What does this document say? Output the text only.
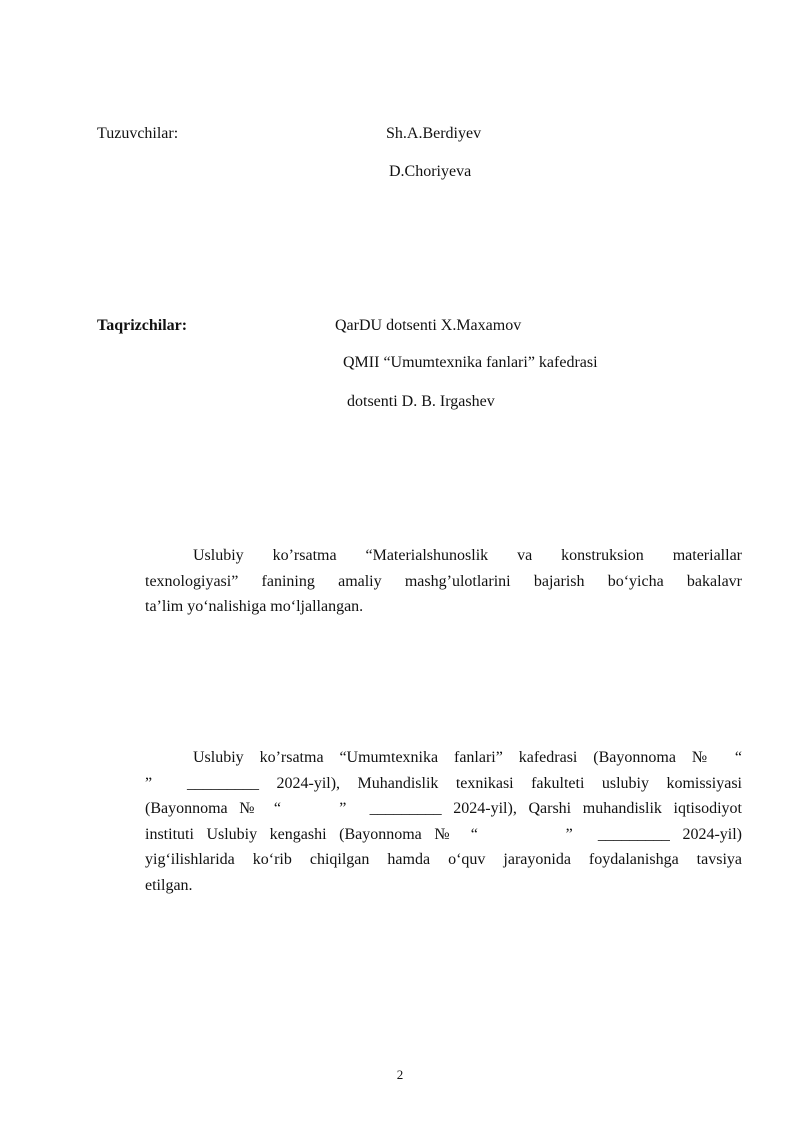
Tuzuvchilar:	Sh.A.Berdiyev
D.Choriyeva
Taqrizchilar:	QarDU dotsenti X.Maxamov
QMII “Umumtexnika fanlari” kafedrasi
dotsenti D. B. Irgashev
Uslubiy ko’rsatma “Materialshunoslik va konstruksion materiallar
texnologiyasi” fanining amaliy mashg’ulotlarini bajarish bo‘yicha bakalavr
ta’lim yo‘nalishiga mo‘ljallangan.
Uslubiy ko’rsatma “Umumtexnika fanlari” kafedrasi (Bayonnoma № “
”  _________ 2024-yil), Muhandislik texnikasi fakulteti uslubiy komissiyasi
(Bayonnoma № “     ”  _________ 2024-yil), Qarshi muhandislik iqtisodiyot
instituti Uslubiy kengashi (Bayonnoma № “       ”  _________ 2024-yil)
yig‘ilishlarida ko‘rib chiqilgan hamda o‘quv jarayonida foydalanishga tavsiya
etilgan.
2
